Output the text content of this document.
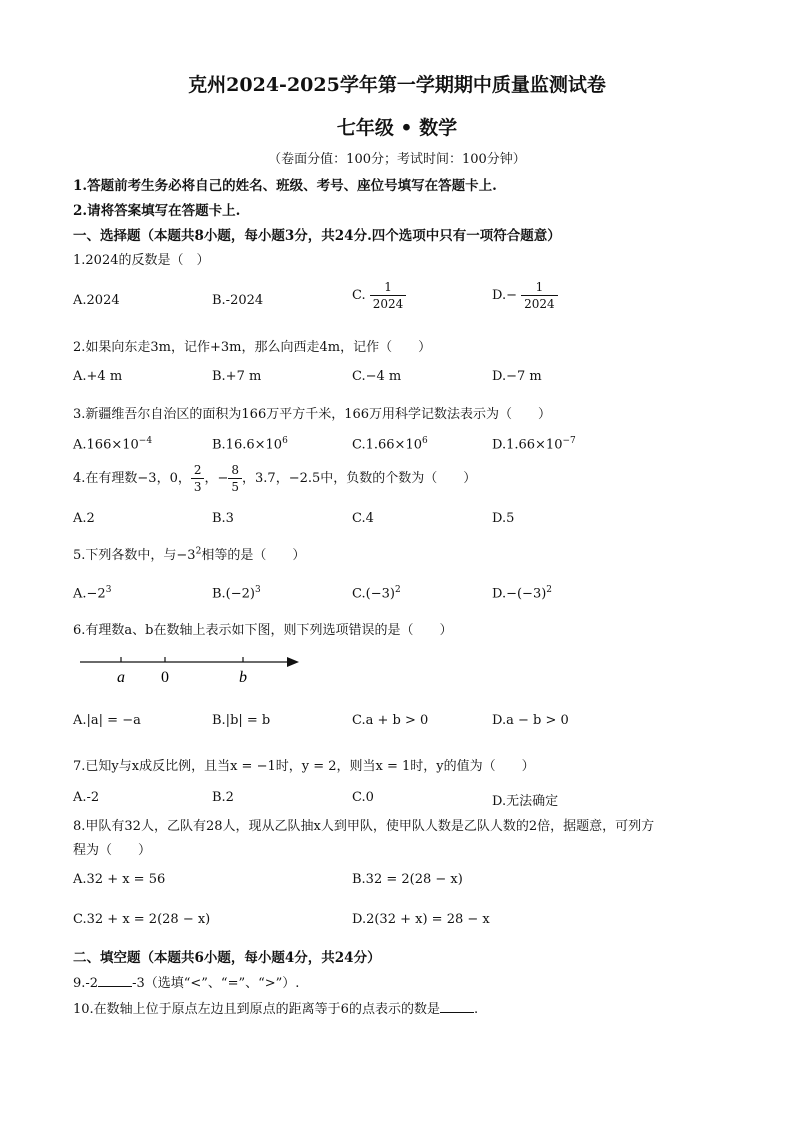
克州2024-2025学年第一学期期中质量监测试卷
七年级 • 数学
（卷面分值：100分；考试时间：100分钟）
1.答题前考生务必将自己的姓名、班级、考号、座位号填写在答题卡上.
2.请将答案填写在答题卡上.
一、选择题（本题共8小题，每小题3分，共24分.四个选项中只有一项符合题意）
1.2024的反数是（　）
A.2024	B.-2024	C. $\frac{1}{2024}$	$D.- \frac{1}{2024}$
2.如果向东走3m，记作+3m，那么向西走4m，记作（　　）
A.+4 m	B.+7 m	C.−4 m	D.−7 m
3.新疆维吾尔自治区的面积为166万平方千米，166万用科学记数法表示为（　　）
$A.166\times 10^{-4}$	$B.16.6\times 10^6$	$C.1.66\times 10^6$	$D.1.66\times 10^{-7}$
4.在有理数−3，0， $\frac{2}{3}$ ，− $\frac{8}{5}$ ，3.7，−2.5中，负数的个数为（　　）
A.2	B.3	C.4	D.5
5.下列各数中，与$-3^2$相等的是（　　）
$A.-2^3$	$B.(-2)^3$	$C.(-3)^2$	$D.-(-3)^2$
6.有理数a、b在数轴上表示如下图，则下列选项错误的是（　　）
a 0	b
A.|a| = −a	B.|b| = b	C.a + b > 0	D.a − b > 0
7.已知y与x成反比例，且当x = −1时，y = 2，则当x = 1时，y的值为（　　）
A.-2	B.2	C.0	D.无法确定
8.甲队有32人，乙队有28人，现从乙队抽x人到甲队，使甲队人数是乙队人数的2倍，据题意，可列方
程为（　　）
A.32 + x = 56	B.32 = 2(28 − x)
C.32 + x = 2(28 − x)	D.2(32 + x) = 28 − x
二、填空题（本题共6小题，每小题4分，共24分）
9.-2	-3（选填“<”、“=”、“>”）.
10.在数轴上位于原点左边且到原点的距离等于6的点表示的数是	.
